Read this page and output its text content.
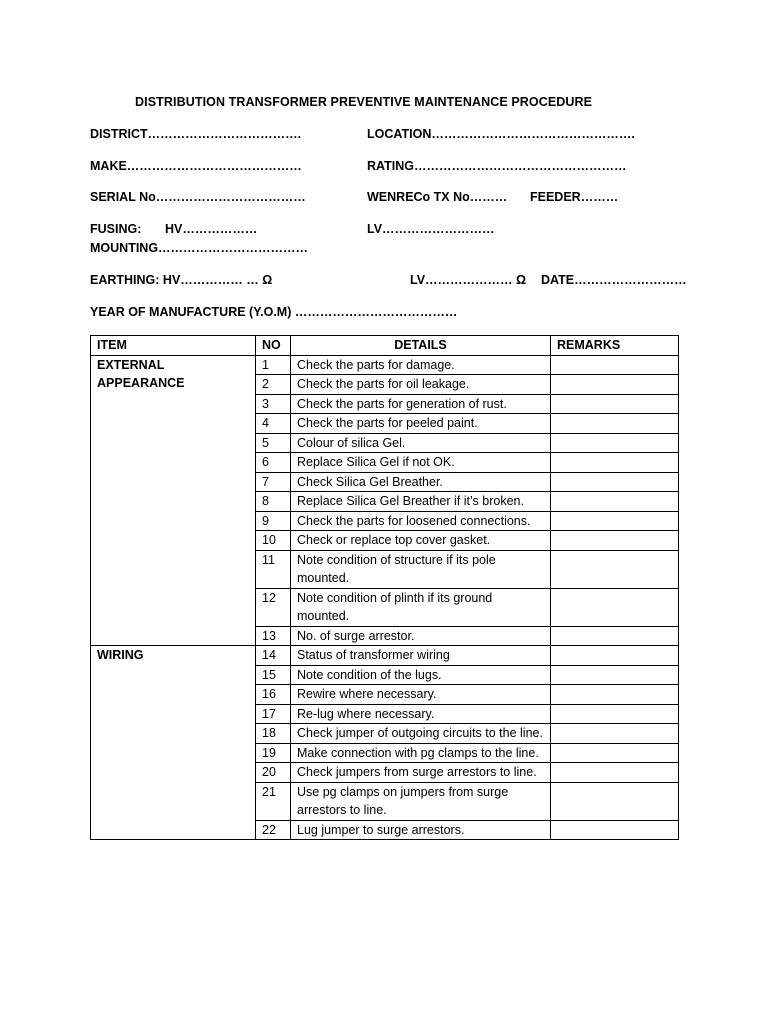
DISTRIBUTION TRANSFORMER PREVENTIVE MAINTENANCE PROCEDURE
DISTRICT……………………………….	LOCATION………………………………………….
MAKE……………………………………	RATING……………………………………………
SERIAL No………………………………	WENRECo TX No……… FEEDER………
FUSING: HV………………	LV………………………
MOUNTING………………………………
EARTHING: HV…………… … Ω	LV………………… Ω DATE………………………
YEAR OF MANUFACTURE (Y.O.M) …………………………………
ITEM	NO	DETAILS	REMARKS
EXTERNAL APPEARANCE	1	Check the parts for damage.	
	2	Check the parts for oil leakage.	
	3	Check the parts for generation of rust.	
	4	Check the parts for peeled paint.	
	5	Colour of silica Gel.	
	6	Replace Silica Gel if not OK.	
	7	Check Silica Gel Breather.	
	8	Replace Silica Gel Breather if it’s broken.	
	9	Check the parts for loosened connections.	
	10	Check or replace top cover gasket.	
	11	Note condition of structure if its pole mounted.	
	12	Note condition of plinth if its ground mounted.	
	13	No. of surge arrestor.	
WIRING	14	Status of transformer wiring	
	15	Note condition of the lugs.	
	16	Rewire where necessary.	
	17	Re-lug where necessary.	
	18	Check jumper of outgoing circuits to the line.	
	19	Make connection with pg clamps to the line.	
	20	Check jumpers from surge arrestors to line.	
	21	Use pg clamps on jumpers from surge arrestors to line.	
	22	Lug jumper to surge arrestors.	
